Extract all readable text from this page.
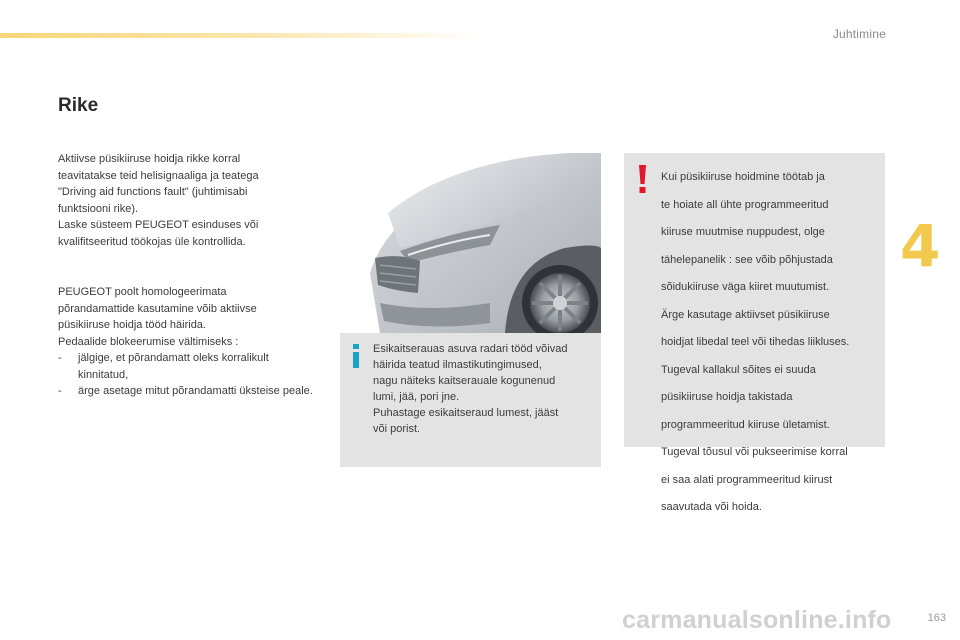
Juhtimine
4
Rike

Aktiivse püsikiiruse hoidja rikke korral

teavitatakse teid helisignaaliga ja teatega

"Driving aid functions fault" (juhtimisabi

funktsiooni rike).

Laske süsteem PEUGEOT esinduses või

kvalifitseeritud töökojas üle kontrollida.

PEUGEOT poolt homologeerimata

põrandamattide kasutamine võib aktiivse

püsikiiruse hoidja tööd häirida.

Pedaalide blokeerumise vältimiseks :

-	jälgige, et põrandamatt oleks korralikult kinnitatud,
-	ärge asetage mitut põrandamatti üksteise peale.

Esikaitserauas asuva radari tööd võivad

häirida teatud ilmastikutingimused,

nagu näiteks kaitserauale kogunenud

lumi, jää, pori jne.

Puhastage esikaitseraud lumest, jääst

või porist.

Kui püsikiiruse hoidmine töötab ja

te hoiate all ühte programmeeritud

kiiruse muutmise nuppudest, olge

tähelepanelik : see võib põhjustada

sõidukiiruse väga kiiret muutumist.

Ärge kasutage aktiivset püsikiiruse

hoidjat libedal teel või tihedas liikluses.

Tugeval kallakul sõites ei suuda

püsikiiruse hoidja takistada

programmeeritud kiiruse ületamist.

Tugeval tõusul või pukseerimise korral

ei saa alati programmeeritud kiirust

saavutada või hoida.

carmanualsonline.info	163
